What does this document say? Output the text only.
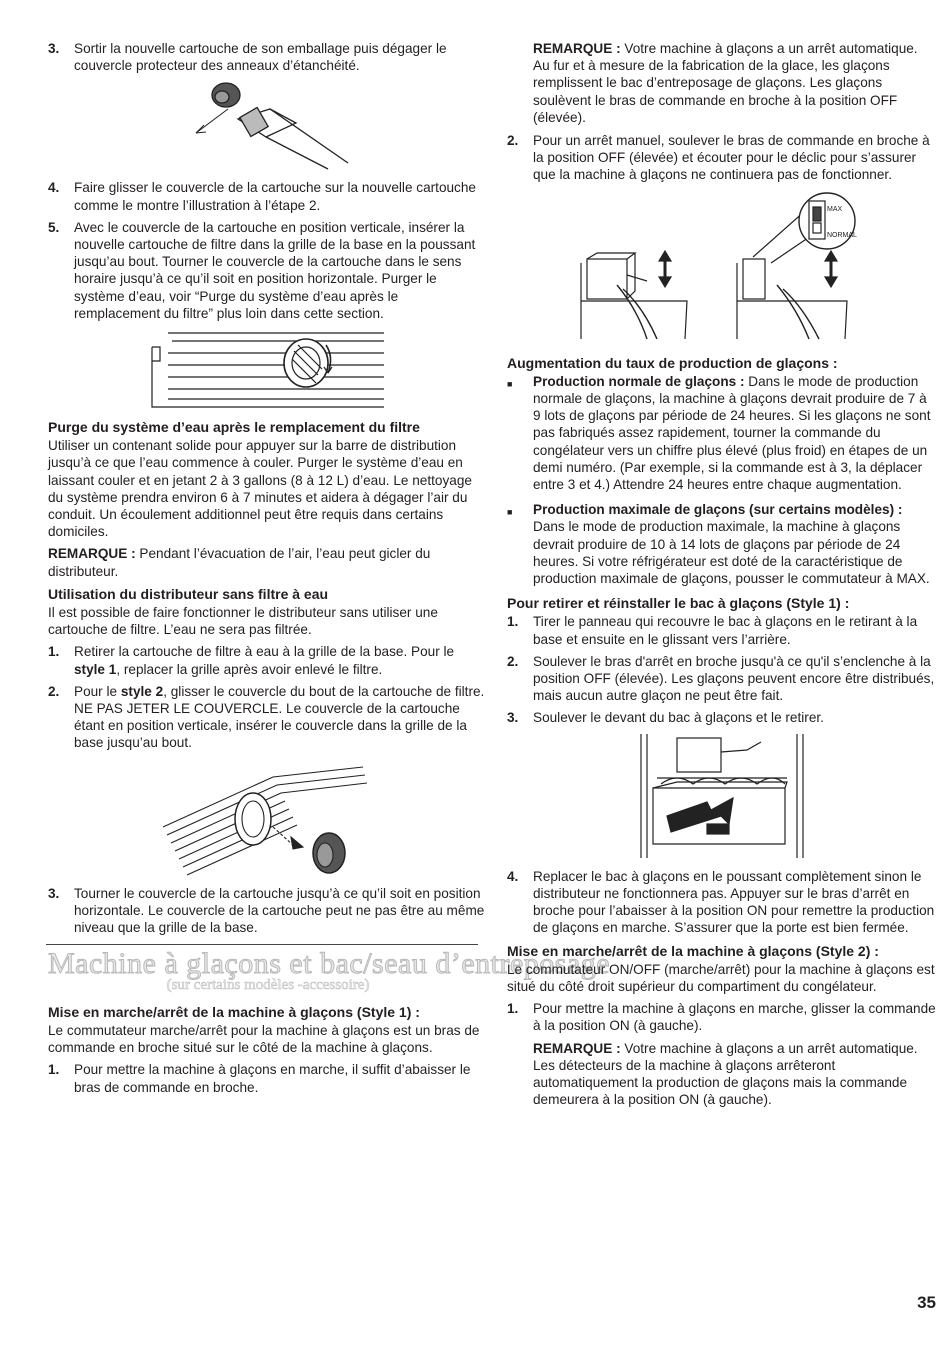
3.	Sortir la nouvelle cartouche de son emballage puis dégager le couvercle protecteur des anneaux d’étanchéité.
4.	Faire glisser le couvercle de la cartouche sur la nouvelle cartouche comme le montre l’illustration à l’étape 2.
5.	Avec le couvercle de la cartouche en position verticale, insérer la nouvelle cartouche de filtre dans la grille de la base en la poussant jusqu’au bout. Tourner le couvercle de la cartouche dans le sens horaire jusqu’à ce qu’il soit en position horizontale. Purger le système d’eau, voir “Purge du système d’eau après le remplacement du filtre” plus loin dans cette section.
Purge du système d’eau après le remplacement du filtre
Utiliser un contenant solide pour appuyer sur la barre de distribution jusqu’à ce que l’eau commence à couler. Purger le système d’eau en laissant couler et en jetant 2 à 3 gallons (8 à 12 L) d’eau. Le nettoyage du système prendra environ 6 à 7 minutes et aidera à dégager l’air du conduit. Un écoulement additionnel peut être requis dans certains domiciles.
REMARQUE : Pendant l’évacuation de l’air, l’eau peut gicler du distributeur.
Utilisation du distributeur sans filtre à eau
Il est possible de faire fonctionner le distributeur sans utiliser une cartouche de filtre. L’eau ne sera pas filtrée.
1.	Retirer la cartouche de filtre à eau à la grille de la base. Pour le style 1, replacer la grille après avoir enlevé le filtre.
2.	Pour le style 2, glisser le couvercle du bout de la cartouche de filtre. NE PAS JETER LE COUVERCLE. Le couvercle de la cartouche étant en position verticale, insérer le couvercle dans la grille de la base jusqu’au bout.
3.	Tourner le couvercle de la cartouche jusqu’à ce qu’il soit en position horizontale. Le couvercle de la cartouche peut ne pas être au même niveau que la grille de la base.
Machine à glaçons et bac/seau d’entreposage
(sur certains modèles -accessoire)
Mise en marche/arrêt de la machine à glaçons (Style 1) :
Le commutateur marche/arrêt pour la machine à glaçons est un bras de commande en broche situé sur le côté de la machine à glaçons.
1.	Pour mettre la machine à glaçons en marche, il suffit d’abaisser le bras de commande en broche.
REMARQUE : Votre machine à glaçons a un arrêt automatique. Au fur et à mesure de la fabrication de la glace, les glaçons remplissent le bac d’entreposage de glaçons. Les glaçons soulèvent le bras de commande en broche à la position OFF (élevée).
2.	Pour un arrêt manuel, soulever le bras de commande en broche à la position OFF (élevée) et écouter pour le déclic pour s’assurer que la machine à glaçons ne continuera pas de fonctionner.
MAX
NORMAL
Augmentation du taux de production de glaçons :
■	Production normale de glaçons : Dans le mode de production normale de glaçons, la machine à glaçons devrait produire de 7 à 9 lots de glaçons par période de 24 heures. Si les glaçons ne sont pas fabriqués assez rapidement, tourner la commande du congélateur vers un chiffre plus élevé (plus froid) en étapes de un demi numéro. (Par exemple, si la commande est à 3, la déplacer entre 3 et 4.) Attendre 24 heures entre chaque augmentation.
■	Production maximale de glaçons (sur certains modèles) : Dans le mode de production maximale, la machine à glaçons devrait produire de 10 à 14 lots de glaçons par période de 24 heures. Si votre réfrigérateur est doté de la caractéristique de production maximale de glaçons, pousser le commutateur à MAX.
Pour retirer et réinstaller le bac à glaçons (Style 1) :
1.	Tirer le panneau qui recouvre le bac à glaçons en le retirant à la base et ensuite en le glissant vers l’arrière.
2.	Soulever le bras d'arrêt en broche jusqu'à ce qu'il s’enclenche à la position OFF (élevée). Les glaçons peuvent encore être distribués, mais aucun autre glaçon ne peut être fait.
3.	Soulever le devant du bac à glaçons et le retirer.
4.	Replacer le bac à glaçons en le poussant complètement sinon le distributeur ne fonctionnera pas. Appuyer sur le bras d’arrêt en broche pour l’abaisser à la position ON pour remettre la production de glaçons en marche. S’assurer que la porte est bien fermée.
Mise en marche/arrêt de la machine à glaçons (Style 2) :
Le commutateur ON/OFF (marche/arrêt) pour la machine à glaçons est situé du côté droit supérieur du compartiment du congélateur.
1.	Pour mettre la machine à glaçons en marche, glisser la commande à la position ON (à gauche).
REMARQUE : Votre machine à glaçons a un arrêt automatique. Les détecteurs de la machine à glaçons arrêteront automatiquement la production de glaçons mais la commande demeurera à la position ON (à gauche).
35
